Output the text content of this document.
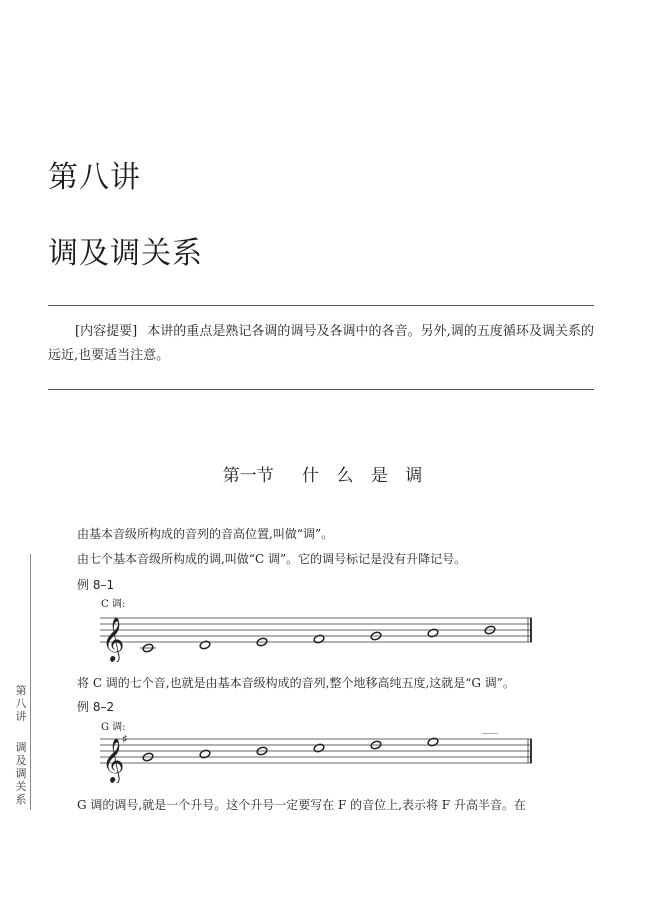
第八讲
调及调关系

[内容提要] 本讲的重点是熟记各调的调号及各调中的各音。另外,调的五度循环及调关系的远近,也要适当注意。

第一节 什 么 是 调
由基本音级所构成的音列的音高位置,叫做“调”。
由七个基本音级所构成的调,叫做“C 调”。它的调号标记是没有升降记号。
例 8–1
C 调:
𝄞
将 C 调的七个音,也就是由基本音级构成的音列,整个地移高纯五度,这就是“G 调”。
例 8–2
G 调:
𝄞
♯
G 调的调号,就是一个升号。这个升号一定要写在 F 的音位上,表示将 F 升高半音。在
第
八
讲
调
及
调
关
系
